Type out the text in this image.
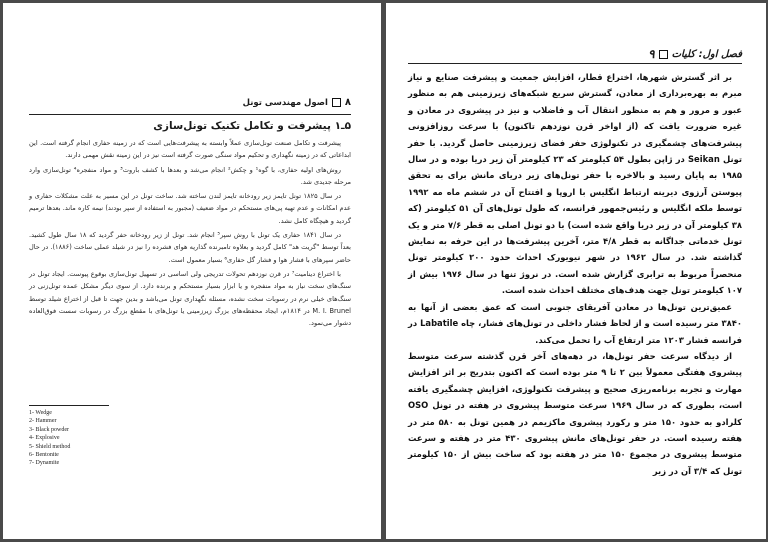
۸
اصول مهندسی تونل
۵ـ۱ پیشرفت و تکامل تکنیک تونل‌سازی

پیشرفت و تکامل صنعت تونل‌سازی عملاً وابسته به پیشرفت‌هایی است که در زمینه حفاری انجام گرفته است. این ابداعاتی که در زمینه نگهداری و تحکیم مواد سنگی صورت گرفته است نیز در این زمینه نقش مهمی دارند.

روش‌های اولیه حفاری، با گوه¹ و چکش² انجام می‌شد و بعدها با کشف باروت³ و مواد منفجره⁴ تونل‌سازی وارد مرحله جدیدی شد.

در سال ۱۸۲۵ تونل تایمز زیر رودخانه تایمز لندن ساخته شد. ساخت تونل در این مسیر به علت مشکلات حفاری و عدم امکانات و عدم تهیه پی‌های مستحکم در مواد ضعیف (مجبور به استفاده از سپر بودند) نیمه کاره ماند. بعدها ترمیم گردید و هیچگاه کامل نشد.

در سال ۱۸۴۱ حفاری یک تونل با روش سپر⁵ انجام شد. تونل از زیر رودخانه حفر گردید که ۱۸ سال طول کشید. بعداً توسط "گریت هد" کامل گردید و بعلاوه تامبرنده گذاریه هوای فشرده را نیز در شیلد عملی ساخت (۱۸۸۶). در حال حاضر سپرهای با فشار هوا و فشار گل حفاری⁶ بسیار معمول است.

با اختراع دینامیت⁷ در قرن نوزدهم تحولات تدریجی ولی اساسی در تسهیل تونل‌سازی بوقوع پیوست. ایجاد تونل در سنگ‌های سخت نیاز به مواد منفجره و یا ابزار بسیار مستحکم و برنده دارد. از سوی دیگر مشکل عمده تونل‌زنی در سنگ‌های خیلی نرم در رسوبات سخت نشده، مسئله نگهداری تونل می‌باشد و بدین جهت تا قبل از اختراع شیلد توسط M. I. Brunel در ۱۸۱۴م، ایجاد محفظه‌های بزرگ زیرزمینی یا تونل‌های با مقطع بزرگ در رسوبات سست فوق‌العاده دشوار می‌نمود.

1- Wedge
2- Hammer
3- Black powder
4- Explosive
5- Shield method
6- Bentonite
7- Dynamite
فصل اول: کلیات
۹

بر اثر گسترش شهرها، اختراع قطار، افزایش جمعیت و پیشرفت صنایع و نیاز مبرم به بهره‌برداری از معادن، گسترش سریع شبکه‌های زیرزمینی هم به منظور عبور و مرور و هم به منظور انتقال آب و فاضلاب و نیز در پیشروی در معادن و غیره ضرورت یافت که (از اواخر قرن نوزدهم تاکنون) با سرعت روزافزونی پیشرفت‌های چشمگیری در تکنولوژی حفر فضای زیرزمینی حاصل گردید. با حفر تونل Seikan در ژاپن بطول ۵۴ کیلومتر که ۲۳ کیلومتر آن زیر دریا بوده و در سال ۱۹۸۵ به پایان رسید و بالاخره با حفر تونل‌های زیر دریای مانش برای به تحقق پیوستن آرزوی دیرینه ارتباط انگلیس با اروپا و افتتاح آن در ششم ماه مه ۱۹۹۲ توسط ملکه انگلیس و رئیس‌جمهور فرانسه، که طول تونل‌های آن ۵۱ کیلومتر (که ۳۸ کیلومتر آن در زیر دریا واقع شده است) با دو تونل اصلی به قطر ۷/۶ متر و یک تونل خدماتی جداگانه به قطر ۴/۸ متر، آخرین پیشرفت‌ها در این حرفه به نمایش گذاشته شد. در سال ۱۹۶۲ در شهر نیویورک احداث حدود ۲۰۰ کیلومتر تونل منحصراً مربوط به ترابری گزارش شده است. در نروژ تنها در سال ۱۹۷۶ بیش از ۱۰۷ کیلومتر تونل جهت هدف‌های مختلف احداث شده است.

عمیق‌ترین تونل‌ها در معادن آفریقای جنوبی است که عمق بعضی از آنها به ۳۸۴۰ متر رسیده است و از لحاظ فشار داخلی در تونل‌های فشار، چاه Labatile در فرانسه فشار ۱۲۰۳ متر ارتفاع آب را تحمل می‌کند.

از دیدگاه سرعت حفر تونل‌ها، در دهه‌های آخر قرن گذشته سرعت متوسط پیشروی هفتگی معمولاً بین ۲ تا ۹ متر بوده است که اکنون بتدریج بر اثر افزایش مهارت و تجربه برنامه‌ریزی صحیح و پیشرفت تکنولوژی، افزایش چشمگیری یافته است، بطوری که در سال ۱۹۶۹ سرعت متوسط پیشروی در هفته در تونل OSO کلرادو به حدود ۱۵۰ متر و رکورد پیشروی ماکزیمم در همین تونل به ۵۸۰ متر در هفته رسیده است. در حفر تونل‌های مانش پیشروی ۴۳۰ متر در هفته و سرعت متوسط پیشروی در مجموع ۱۵۰ متر در هفته بود که ساخت بیش از ۱۵۰ کیلومتر تونل که ۳/۴ آن در زیر
